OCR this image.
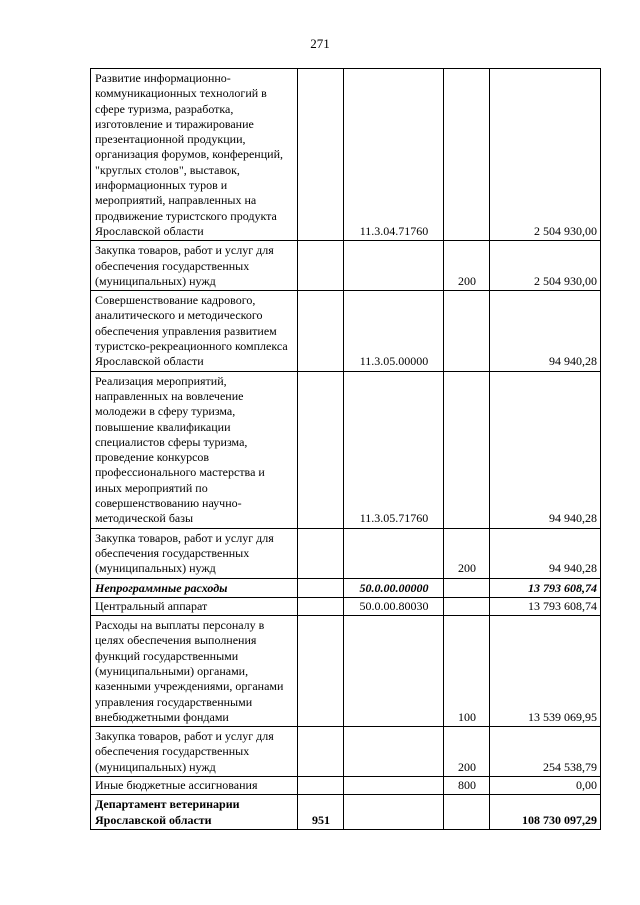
271
Развитие информационно-коммуникационных технологий в сфере туризма, разработка, изготовление и тиражирование презентационной продукции, организация форумов, конференций, "круглых столов", выставок, информационных туров и мероприятий, направленных на продвижение туристского продукта Ярославской области		11.3.04.71760		2 504 930,00
Закупка товаров, работ и услуг для обеспечения государственных (муниципальных) нужд			200	2 504 930,00
Совершенствование кадрового, аналитического и методического обеспечения управления развитием туристско-рекреационного комплекса Ярославской области		11.3.05.00000		94 940,28
Реализация мероприятий, направленных на вовлечение молодежи в сферу туризма, повышение квалификации специалистов сферы туризма, проведение конкурсов профессионального мастерства и иных мероприятий по совершенствованию научно-методической базы		11.3.05.71760		94 940,28
Закупка товаров, работ и услуг для обеспечения государственных (муниципальных) нужд			200	94 940,28
Непрограммные расходы		50.0.00.00000		13 793 608,74
Центральный аппарат		50.0.00.80030		13 793 608,74
Расходы на выплаты персоналу в целях обеспечения выполнения функций государственными (муниципальными) органами, казенными учреждениями, органами управления государственными внебюджетными фондами			100	13 539 069,95
Закупка товаров, работ и услуг для обеспечения государственных (муниципальных) нужд			200	254 538,79
Иные бюджетные ассигнования			800	0,00
Департамент ветеринарии Ярославской области	951			108 730 097,29
